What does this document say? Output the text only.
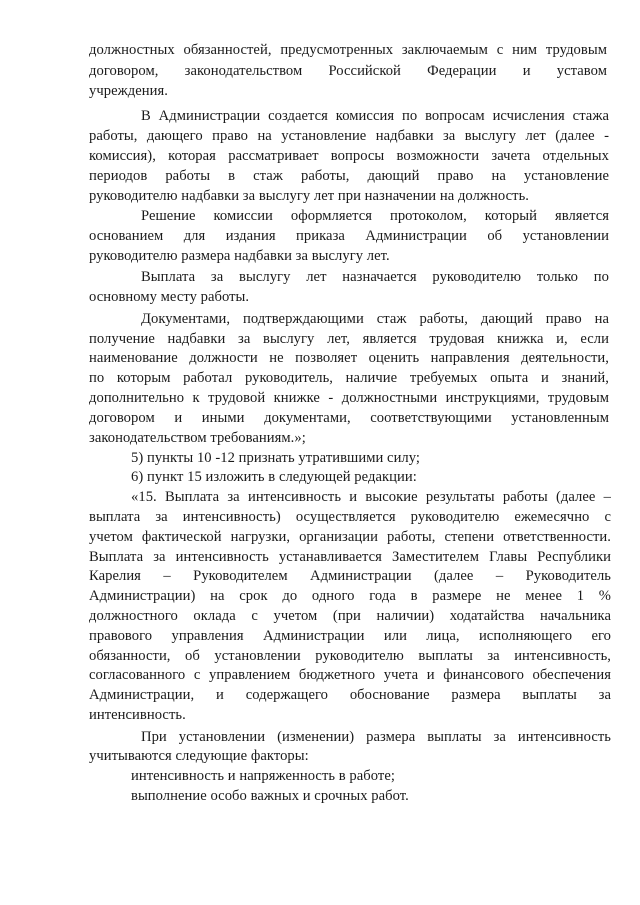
должностных обязанностей, предусмотренных заключаемым с ним трудовым
договором, законодательством Российской Федерации и уставом
учреждения.
В Администрации создается комиссия по вопросам исчисления стажа
работы, дающего право на установление надбавки за выслугу лет (далее -
комиссия), которая рассматривает вопросы возможности зачета отдельных
периодов работы в стаж работы, дающий право на установление
руководителю надбавки за выслугу лет при назначении на должность.
Решение комиссии оформляется протоколом, который является
основанием для издания приказа Администрации об установлении
руководителю размера надбавки за выслугу лет.
Выплата за выслугу лет назначается руководителю только по
основному месту работы.
Документами, подтверждающими стаж работы, дающий право на
получение надбавки за выслугу лет, является трудовая книжка и, если
наименование должности не позволяет оценить направления деятельности,
по которым работал руководитель, наличие требуемых опыта и знаний,
дополнительно к трудовой книжке - должностными инструкциями, трудовым
договором и иными документами, соответствующими установленным
законодательством требованиям.»;
5) пункты 10 -12 признать утратившими силу;
6) пункт 15 изложить в следующей редакции:
«15. Выплата за интенсивность и высокие результаты работы (далее –
выплата за интенсивность) осуществляется руководителю ежемесячно с
учетом фактической нагрузки, организации работы, степени ответственности.
Выплата за интенсивность устанавливается Заместителем Главы Республики
Карелия – Руководителем Администрации (далее – Руководитель
Администрации) на срок до одного года в размере не менее 1 %
должностного оклада с учетом (при наличии) ходатайства начальника
правового управления Администрации или лица, исполняющего его
обязанности, об установлении руководителю выплаты за интенсивность,
согласованного с управлением бюджетного учета и финансового обеспечения
Администрации, и содержащего обоснование размера выплаты за
интенсивность.
При установлении (изменении) размера выплаты за интенсивность
учитываются следующие факторы:
интенсивность и напряженность в работе;
выполнение особо важных и срочных работ.
